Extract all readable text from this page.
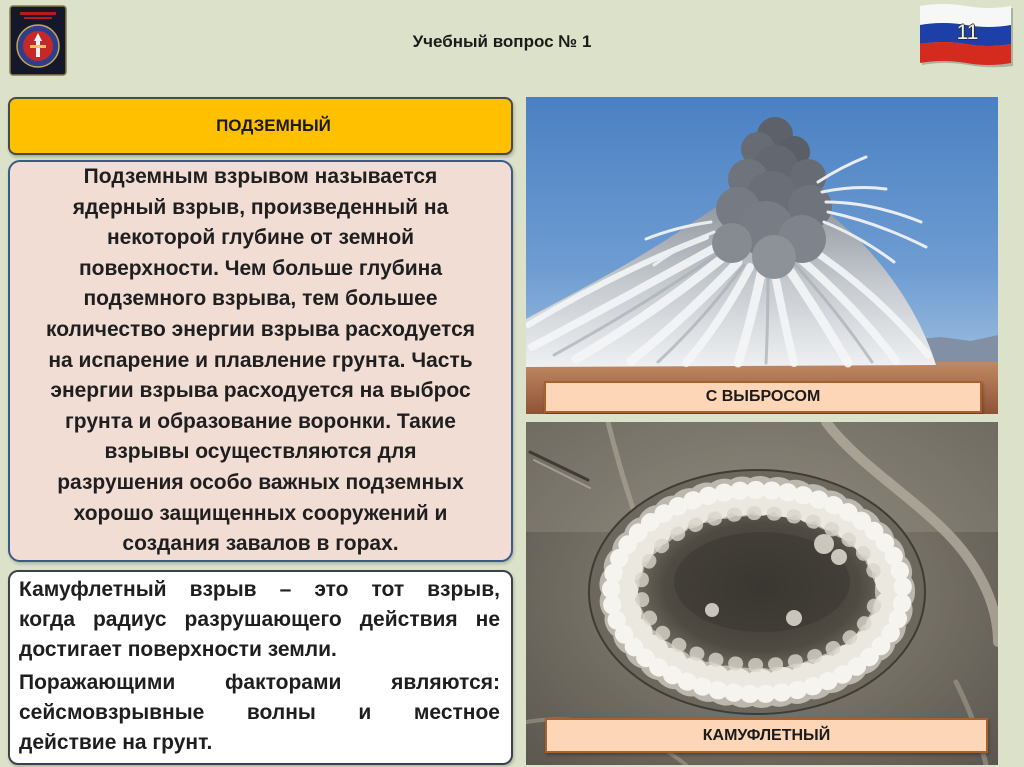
Учебный вопрос № 1	11
ПОДЗЕМНЫЙ
Подземным взрывом называется
ядерный взрыв, произведенный на
некоторой глубине от земной
поверхности. Чем больше глубина
подземного взрыва, тем большее
количество энергии взрыва расходуется
на испарение и плавление грунта. Часть
энергии взрыва расходуется на выброс
грунта и образование воронки. Такие
взрывы осуществляются для
разрушения особо важных подземных
хорошо защищенных сооружений и
создания завалов в горах.
Камуфлетный взрыв – это тот взрыв,
когда радиус разрушающего действия не
достигает поверхности земли.
Поражающими факторами являются:
сейсмовзрывные волны и местное
действие на грунт.
С ВЫБРОСОМ
КАМУФЛЕТНЫЙ
